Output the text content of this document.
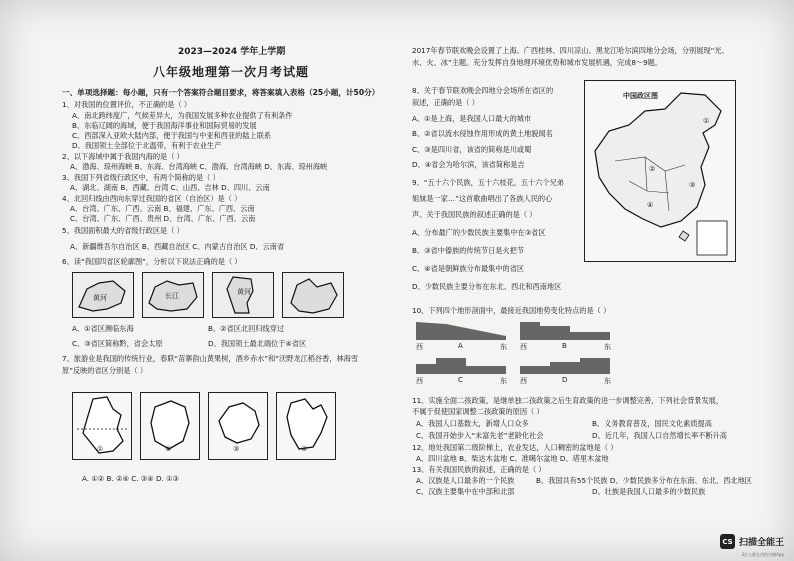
2023—2024 学年上学期
八年级地理第一次月考试题
一、单项选择题：每小题，只有一个答案符合题目要求，将答案填入表格（25小题，计50分）
1、对我国的位置评价，不正确的是（ ）
A、南北跨纬度广，气候差异大，为我国发展多种农业提供了有利条件
B、东临辽阔的海域，便于我国海洋事业和国际贸易的发展
C、西部深入亚欧大陆内部，便于我国与中亚和西亚的陆上联系
D、我国领土全部位于北温带，有利于农业生产
2、以下海域中属于我国内海的是（ ）
A、渤海、琼州海峡 B、东海、台湾海峡 C、渤海、台湾海峡 D、东海、琼州海峡
3、我国下列省级行政区中，有两个简称的是（ ）
A、湖北、湖南 B、西藏、台湾 C、山西、吉林 D、四川、云南
4、北回归线由西向东穿过我国的省区（自治区）是（ ）
A、台湾、广东、广西、云南 B、福建、广东、广西、云南
C、台湾、广东、广西、贵州 D、台湾、广东、广西、云南
5、我国面积最大的省级行政区是（ ）
A、新疆维吾尔自治区 B、西藏自治区 C、内蒙古自治区 D、云南省
6、读“我国四省区轮廓图”，分析以下说法正确的是（ ）
黄河	长江	黄河
A、①省区濒临东海	B、②省区北回归线穿过
C、③省区简称黔，省会太原	D、我国领土最北端位于④省区
7、旅游业是我国的传统行业，春联“苗寨韵山黄果树，酒乡赤水”和“沃野龙江稻谷香，林海雪
原”反映的省区分别是（ ）
①	②	③	④
A. ①② B. ②④ C. ③④ D. ①③
2017年春节联欢晚会设置了上海、广西桂林、四川凉山、黑龙江哈尔滨四地分会场，分别展现“光、
水、火、冰”主题。充分发挥自身地理环境优势和城市发展机遇，完成8～9题。
8、关于春节联欢晚会四地分会场所在省区的
叙述，正确的是（ ）
A、①是上海，是我国人口最大的城市
B、②省以流水侵蚀作用形成的黄土地貌闻名
C、③是四川省，该省的简称是川或蜀
D、④省会为哈尔滨，该省简称是吉
9、“五十六个民族，五十六枝花，五十六个兄弟
姐妹是一家…”这首歌曲唱出了各族人民的心
声。关于我国民族的叙述正确的是（ ）
A、分布最广的少数民族主要集中在③省区
B、③省中傣族的传统节日是火把节
C、④省是朝鲜族分布最集中的省区
D、少数民族主要分布在东北、西北和西南地区
中国政区图
①
②
③
④
10、下列四个地形剖面中，最接近我国地势变化特点的是（ ）
西	A	东 西	B	东
西	C	东 西	D	东
11、实施全面二孩政策，是继单独二孩政策之后生育政策的进一步调整完善，下列社会背景发展，
不属于促使国家调整二孩政策的原因（ ）
A、我国人口基数大，新增人口众多	B、义务教育普及，国民文化素质提高
C、我国开始步入“未富先老”老龄化社会	D、近几年，我国人口自然增长率不断升高
12、地处我国第二级阶梯上，农业发达，人口稠密的盆地是（ ）
A、四川盆地 B、柴达木盆地 C、准噶尔盆地 D、塔里木盆地
13、有关我国民族的叙述，正确的是（ ）
A、汉族是人口最多的一个民族	B、我国共有55个民族 D、少数民族多分布在东南、东北、西北地区
C、汉族主要集中在中部和北部	D、壮族是我国人口最多的少数民族
CS 扫描全能王
3亿人都在用的扫描App
